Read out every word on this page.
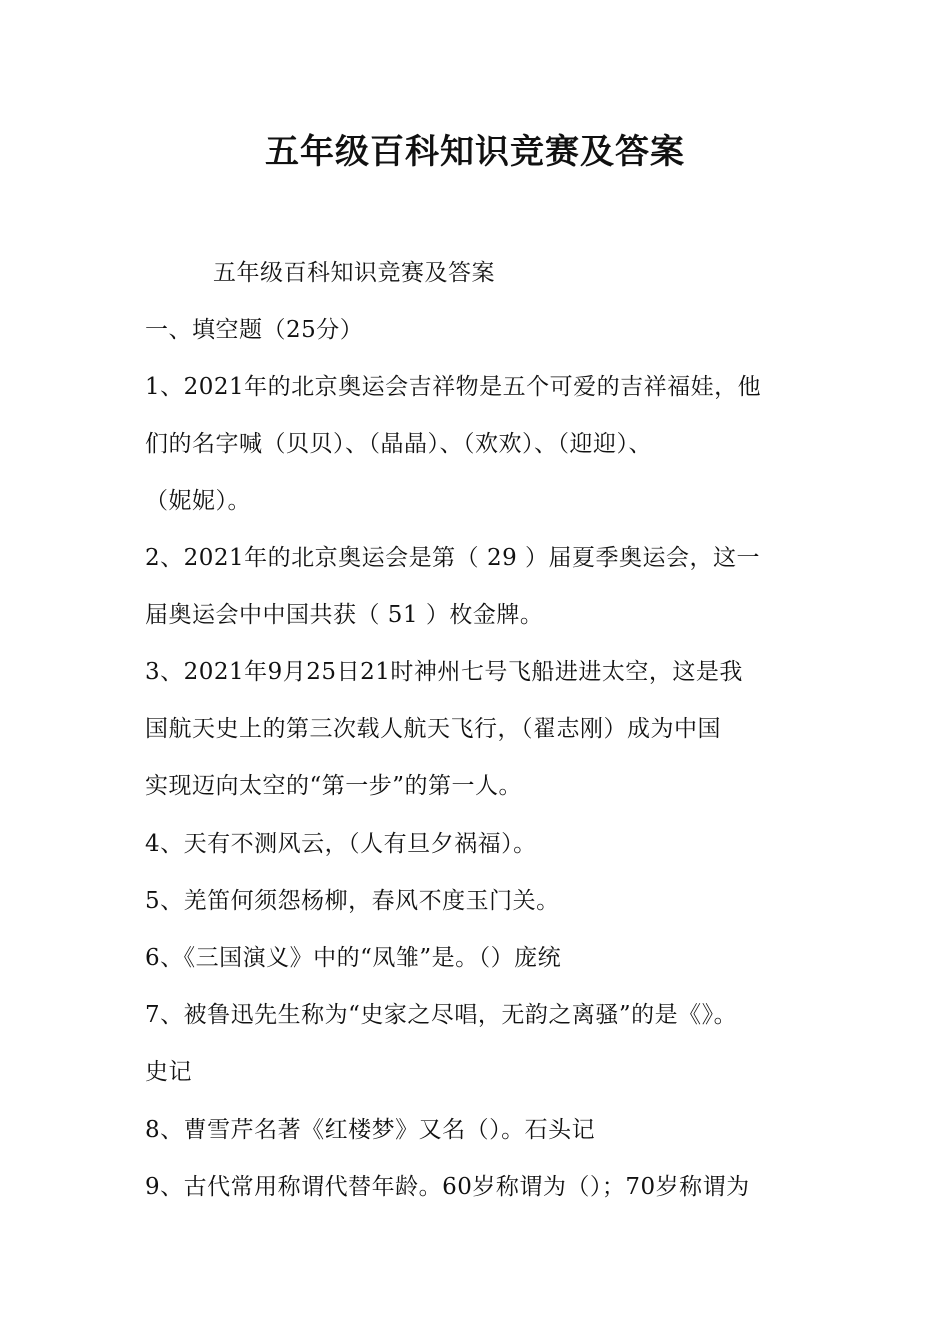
五年级百科知识竞赛及答案
五年级百科知识竞赛及答案
一、填空题（25分）
1、2021年的北京奥运会吉祥物是五个可爱的吉祥福娃，他
们的名字喊（贝贝）、（晶晶）、（欢欢）、（迎迎）、
（妮妮）。
2、2021年的北京奥运会是第（ 29 ）届夏季奥运会，这一
届奥运会中中国共获（ 51 ）枚金牌。
3、2021年9月25日21时神州七号飞船进进太空，这是我
国航天史上的第三次载人航天飞行，（翟志刚）成为中国
实现迈向太空的“第一步”的第一人。
4、天有不测风云，（人有旦夕祸福）。
5、羌笛何须怨杨柳，春风不度玉门关。
6、《三国演义》中的“凤雏”是。（）庞统
7、被鲁迅先生称为“史家之尽唱，无韵之离骚”的是《》。
史记
8、曹雪芹名著《红楼梦》又名（）。石头记
9、古代常用称谓代替年龄。60岁称谓为（）；70岁称谓为
